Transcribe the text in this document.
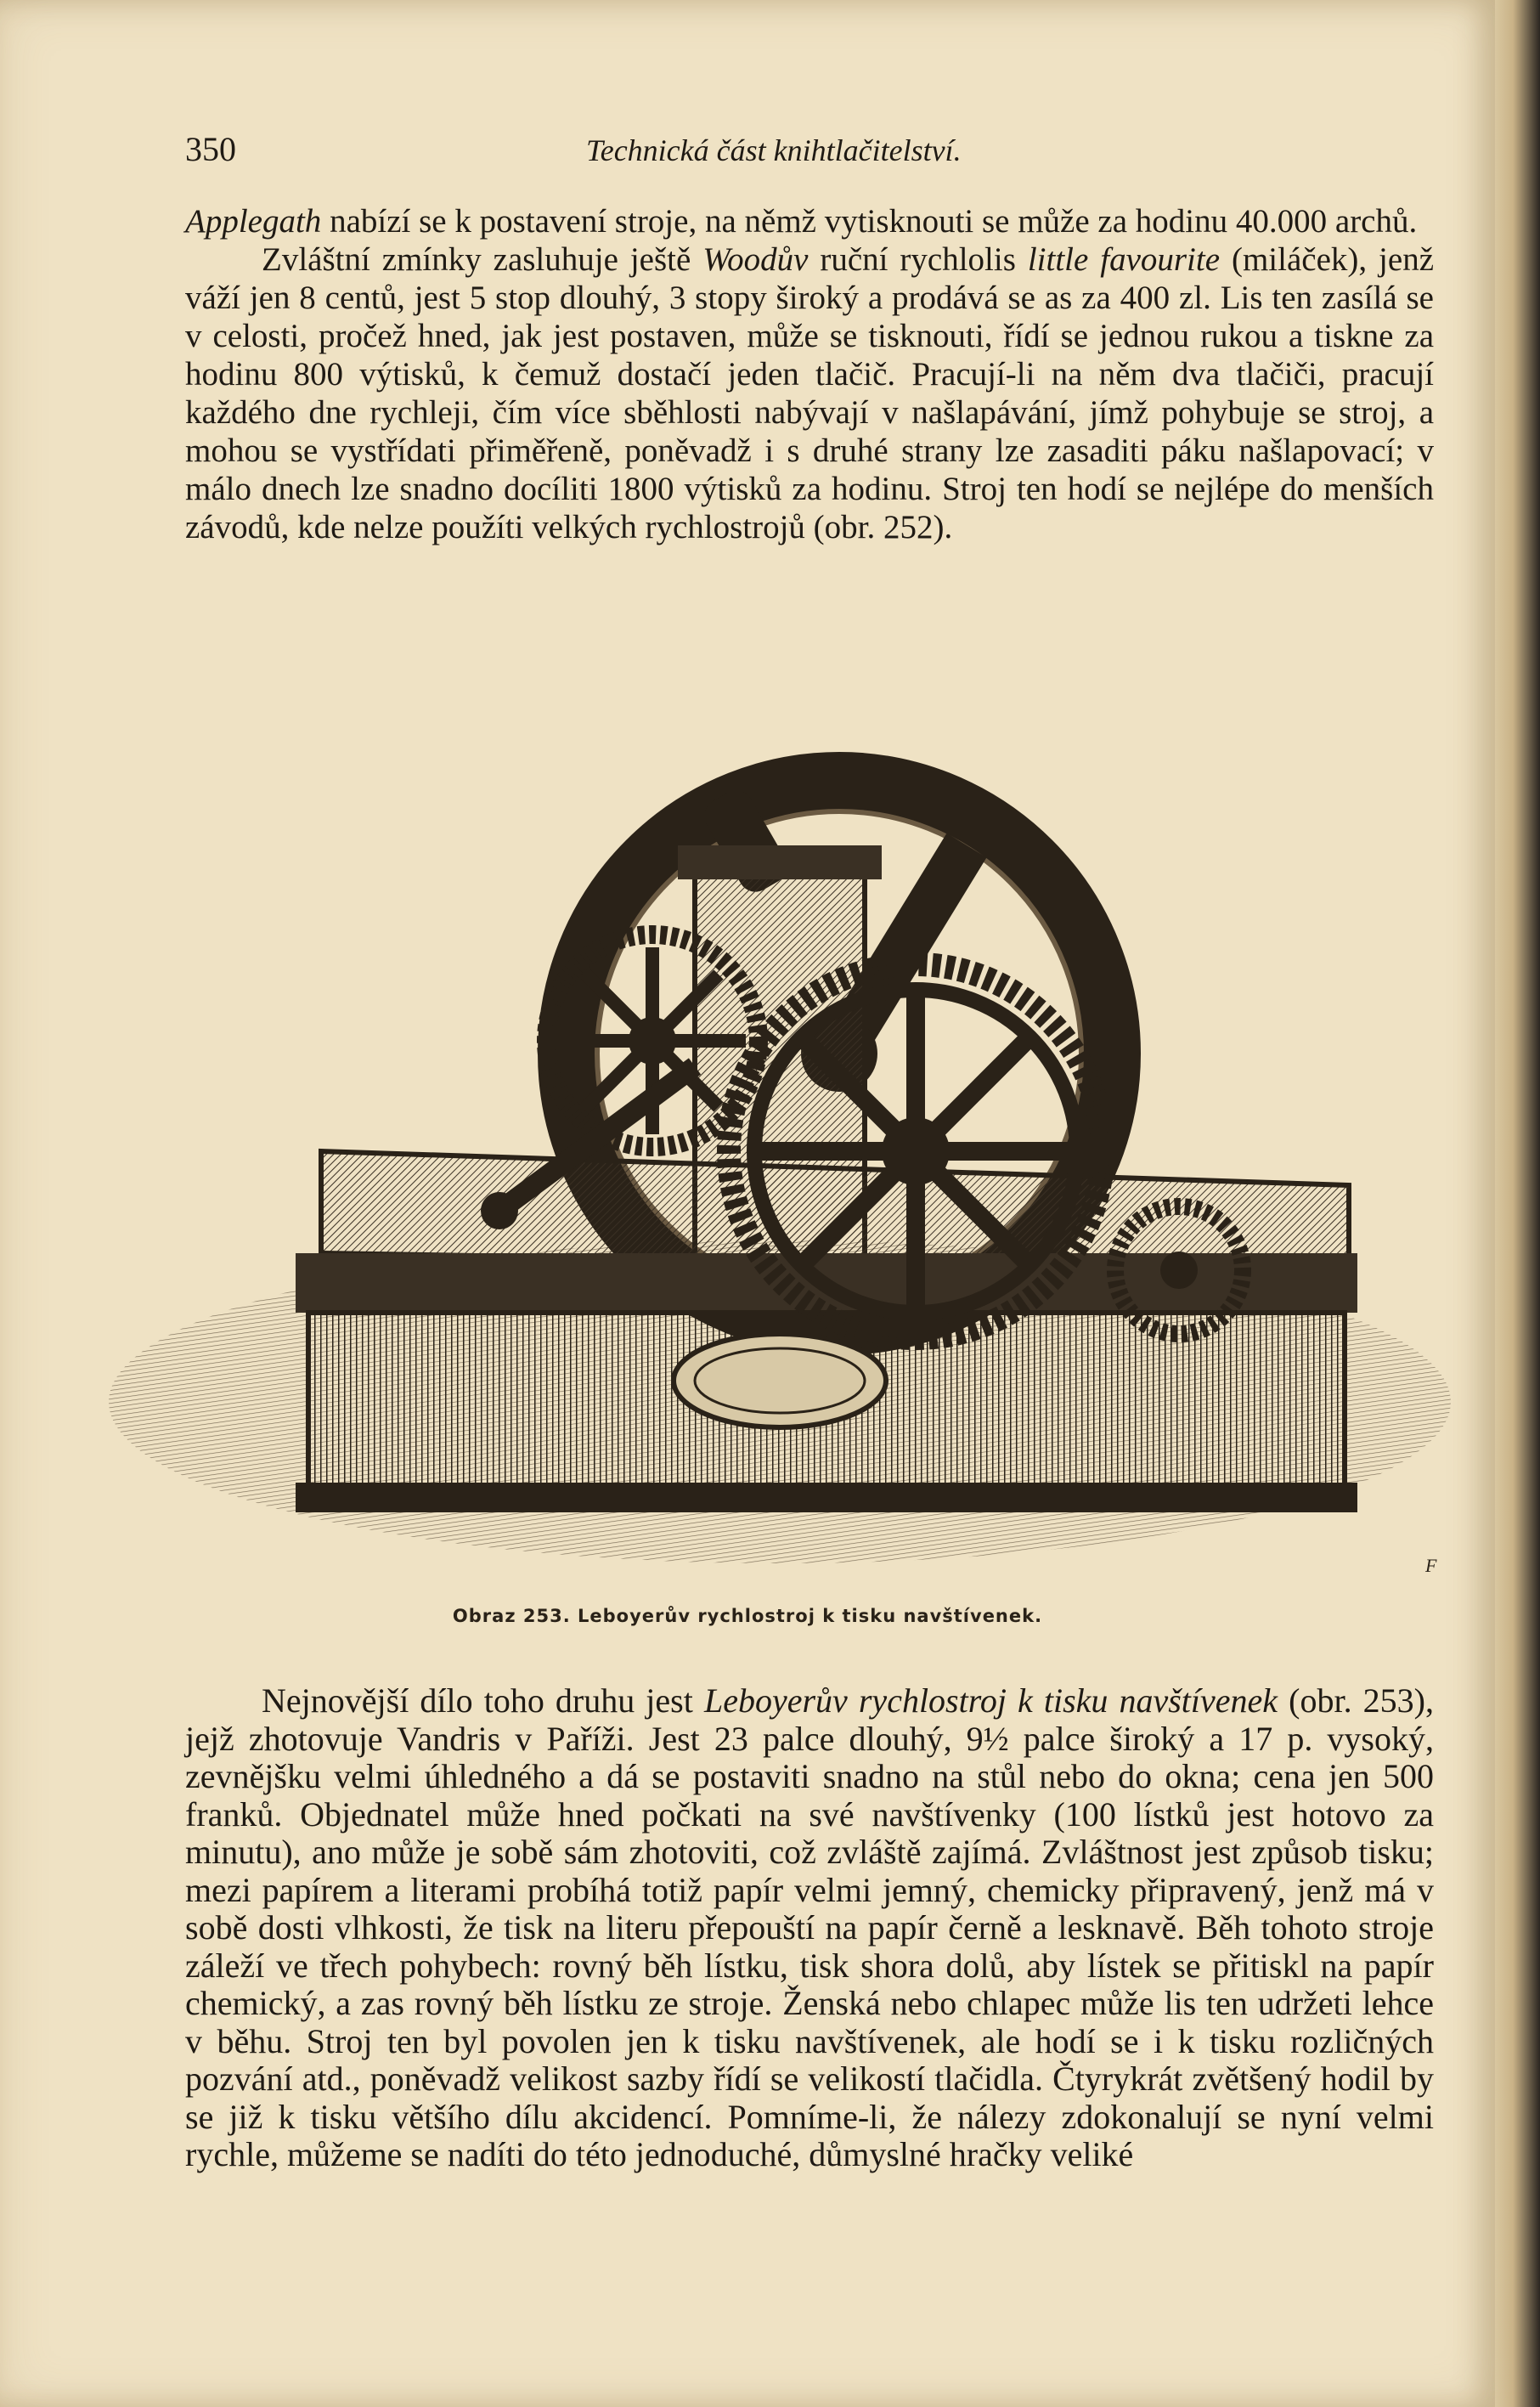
350	Technická část knihtlačitelství.

Applegath nabízí se k postavení stroje, na němž vytisknouti se může za hodinu 40.000 archů.

Zvláštní zmínky zasluhuje ještě Woodův ruční rychlolis little favourite (miláček), jenž váží jen 8 centů, jest 5 stop dlouhý, 3 stopy široký a prodává se as za 400 zl. Lis ten zasílá se v celosti, pročež hned, jak jest postaven, může se tisknouti, řídí se jednou rukou a tiskne za hodinu 800 výtisků, k čemuž dostačí jeden tlačič. Pracují-li na něm dva tlačiči, pracují každého dne rychleji, čím více sběhlosti nabývají v našlapávání, jímž pohybuje se stroj, a mohou se vystřídati přiměřeně, poněvadž i s druhé strany lze zasaditi páku našlapovací; v málo dnech lze snadno docíliti 1800 výtisků za hodinu. Stroj ten hodí se nejlépe do menších závodů, kde nelze použíti velkých rychlostrojů (obr. 252).

F
Obraz 253. Leboyerův rychlostroj k tisku navštívenek.

Nejnovější dílo toho druhu jest Leboyerův rychlostroj k tisku navštívenek (obr. 253), jejž zhotovuje Vandris v Paříži. Jest 23 palce dlouhý, 9½ palce široký a 17 p. vysoký, zevnějšku velmi úhledného a dá se postaviti snadno na stůl nebo do okna; cena jen 500 franků. Objednatel může hned počkati na své navštívenky (100 lístků jest hotovo za minutu), ano může je sobě sám zhotoviti, což zvláště zajímá. Zvláštnost jest způsob tisku; mezi papírem a literami probíhá totiž papír velmi jemný, chemicky připravený, jenž má v sobě dosti vlhkosti, že tisk na literu přepouští na papír černě a lesknavě. Běh tohoto stroje záleží ve třech pohybech: rovný běh lístku, tisk shora dolů, aby lístek se přitiskl na papír chemický, a zas rovný běh lístku ze stroje. Ženská nebo chlapec může lis ten udržeti lehce v běhu. Stroj ten byl povolen jen k tisku navštívenek, ale hodí se i k tisku rozličných pozvání atd., poněvadž velikost sazby řídí se velikostí tlačidla. Čtyrykrát zvětšený hodil by se již k tisku většího dílu akcidencí. Pomníme-li, že nálezy zdokonalují se nyní velmi rychle, můžeme se nadíti do této jednoduché, důmyslné hračky veliké
